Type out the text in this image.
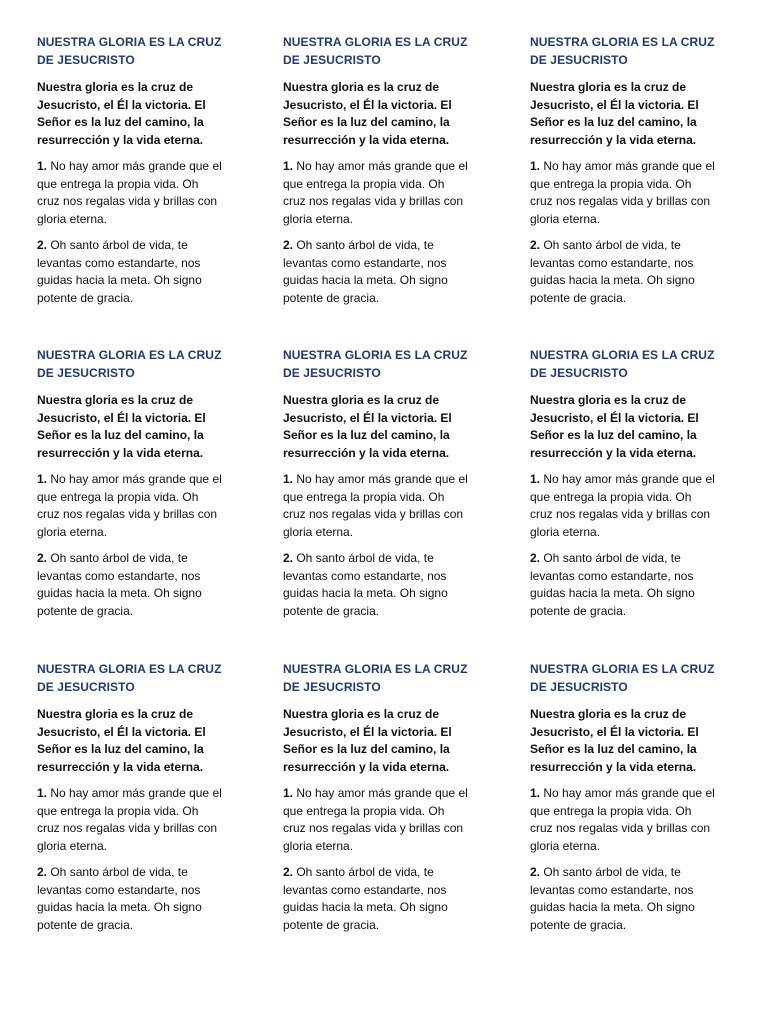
NUESTRA GLORIA ES LA CRUZ
DE JESUCRISTO
Nuestra gloria es la cruz de
Jesucristo, el Él la victoria. El
Señor es la luz del camino, la
resurrección y la vida eterna.
1. No hay amor más grande que el
que entrega la propia vida. Oh
cruz nos regalas vida y brillas con
gloria eterna.
2. Oh santo árbol de vida, te
levantas como estandarte, nos
guidas hacia la meta. Oh signo
potente de gracia.
NUESTRA GLORIA ES LA CRUZ
DE JESUCRISTO
Nuestra gloria es la cruz de
Jesucristo, el Él la victoria. El
Señor es la luz del camino, la
resurrección y la vida eterna.
1. No hay amor más grande que el
que entrega la propia vida. Oh
cruz nos regalas vida y brillas con
gloria eterna.
2. Oh santo árbol de vida, te
levantas como estandarte, nos
guidas hacia la meta. Oh signo
potente de gracia.
NUESTRA GLORIA ES LA CRUZ
DE JESUCRISTO
Nuestra gloria es la cruz de
Jesucristo, el Él la victoria. El
Señor es la luz del camino, la
resurrección y la vida eterna.
1. No hay amor más grande que el
que entrega la propia vida. Oh
cruz nos regalas vida y brillas con
gloria eterna.
2. Oh santo árbol de vida, te
levantas como estandarte, nos
guidas hacia la meta. Oh signo
potente de gracia.
NUESTRA GLORIA ES LA CRUZ
DE JESUCRISTO
Nuestra gloria es la cruz de
Jesucristo, el Él la victoria. El
Señor es la luz del camino, la
resurrección y la vida eterna.
1. No hay amor más grande que el
que entrega la propia vida. Oh
cruz nos regalas vida y brillas con
gloria eterna.
2. Oh santo árbol de vida, te
levantas como estandarte, nos
guidas hacia la meta. Oh signo
potente de gracia.
NUESTRA GLORIA ES LA CRUZ
DE JESUCRISTO
Nuestra gloria es la cruz de
Jesucristo, el Él la victoria. El
Señor es la luz del camino, la
resurrección y la vida eterna.
1. No hay amor más grande que el
que entrega la propia vida. Oh
cruz nos regalas vida y brillas con
gloria eterna.
2. Oh santo árbol de vida, te
levantas como estandarte, nos
guidas hacia la meta. Oh signo
potente de gracia.
NUESTRA GLORIA ES LA CRUZ
DE JESUCRISTO
Nuestra gloria es la cruz de
Jesucristo, el Él la victoria. El
Señor es la luz del camino, la
resurrección y la vida eterna.
1. No hay amor más grande que el
que entrega la propia vida. Oh
cruz nos regalas vida y brillas con
gloria eterna.
2. Oh santo árbol de vida, te
levantas como estandarte, nos
guidas hacia la meta. Oh signo
potente de gracia.
NUESTRA GLORIA ES LA CRUZ
DE JESUCRISTO
Nuestra gloria es la cruz de
Jesucristo, el Él la victoria. El
Señor es la luz del camino, la
resurrección y la vida eterna.
1. No hay amor más grande que el
que entrega la propia vida. Oh
cruz nos regalas vida y brillas con
gloria eterna.
2. Oh santo árbol de vida, te
levantas como estandarte, nos
guidas hacia la meta. Oh signo
potente de gracia.
NUESTRA GLORIA ES LA CRUZ
DE JESUCRISTO
Nuestra gloria es la cruz de
Jesucristo, el Él la victoria. El
Señor es la luz del camino, la
resurrección y la vida eterna.
1. No hay amor más grande que el
que entrega la propia vida. Oh
cruz nos regalas vida y brillas con
gloria eterna.
2. Oh santo árbol de vida, te
levantas como estandarte, nos
guidas hacia la meta. Oh signo
potente de gracia.
NUESTRA GLORIA ES LA CRUZ
DE JESUCRISTO
Nuestra gloria es la cruz de
Jesucristo, el Él la victoria. El
Señor es la luz del camino, la
resurrección y la vida eterna.
1. No hay amor más grande que el
que entrega la propia vida. Oh
cruz nos regalas vida y brillas con
gloria eterna.
2. Oh santo árbol de vida, te
levantas como estandarte, nos
guidas hacia la meta. Oh signo
potente de gracia.
